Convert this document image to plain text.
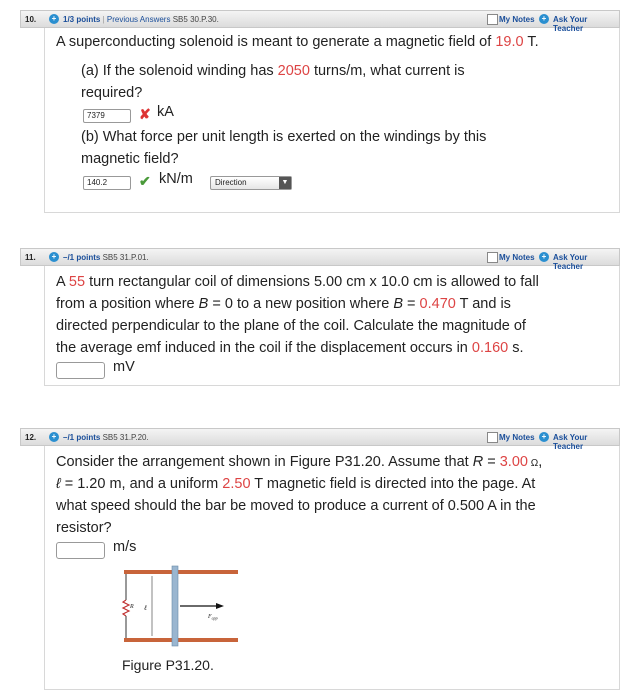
10.	+ 1/3 points | Previous Answers SB5 30.P.30.	My Notes + Ask Your Teacher
A superconducting solenoid is meant to generate a magnetic field of 19.0 T.
(a) If the solenoid winding has 2050 turns/m, what current is
required?
7379	✘ kA
(b) What force per unit length is exerted on the windings by this
magnetic field?
140.2	✔ kN/m	Direction	▼
11.	+ –/1 points SB5 31.P.01.	My Notes + Ask Your Teacher
A 55 turn rectangular coil of dimensions 5.00 cm x 10.0 cm is allowed to fall
from a position where B = 0 to a new position where B = 0.470 T and is
directed perpendicular to the plane of the coil. Calculate the magnitude of
the average emf induced in the coil if the displacement occurs in 0.160 s.
mV
12.	+ –/1 points SB5 31.P.20.	My Notes + Ask Your Teacher
Consider the arrangement shown in Figure P31.20. Assume that R = 3.00 Ω,
ℓ = 1.20 m, and a uniform 2.50 T magnetic field is directed into the page. At
what speed should the bar be moved to produce a current of 0.500 A in the
resistor?
m/s
R ℓ
$F_{app}$
Figure P31.20.
